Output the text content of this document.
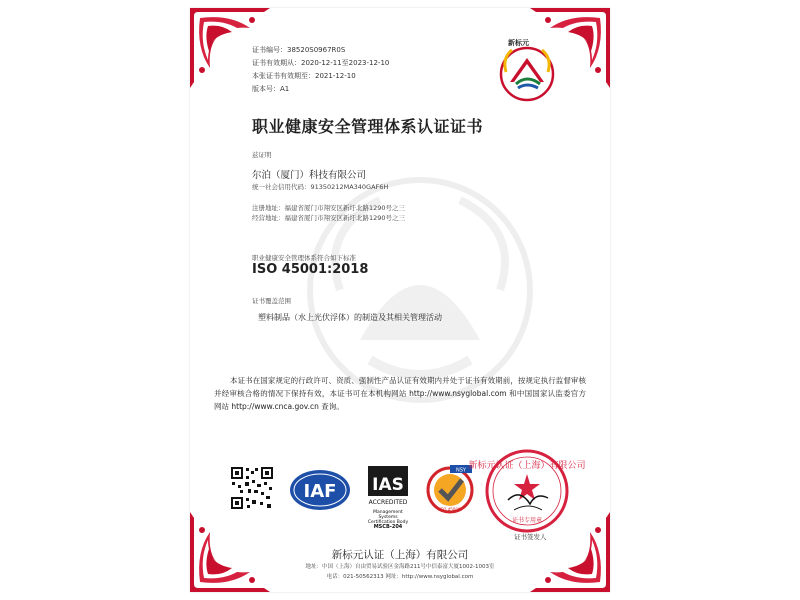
证书编号：38520S0967R0S
证书有效期从：2020-12-11至2023-12-10
本张证书有效期至：2021-12-10
版本号：A1
新标元
职业健康安全管理体系认证证书
兹证明
尔泊（厦门）科技有限公司
统一社会信用代码：91350212MA340GAF6H
注册地址：福建省厦门市翔安区新圩北路1290号之三
经营地址：福建省厦门市翔安区新圩北路1290号之三
职业健康安全管理体系符合如下标准
ISO 45001:2018
证书覆盖范围
塑料制品（水上光伏浮体）的制造及其相关管理活动
本证书在国家规定的行政许可、资质、强制性产品认证有效期内并处于证书有效期前，按规定执行监督审核并经审核合格的情况下保持有效，本证书可在本机构网站 http://www.nsyglobal.com 和中国国家认监委官方网站 http://www.cnca.gov.cn 查询。
IAF IAS
ACCREDITED
Management Systems
Certification Body
MSCB-204
NSY
ISO 45000
新标元认证（上海）有限公司
证书专用章
证书签发人
新标元认证（上海）有限公司
地址：中国（上海）自由贸易试验区金海路211号中信泰富大厦1002-1003室
电话：021-50562313 网址：http://www.nsyglobal.com
